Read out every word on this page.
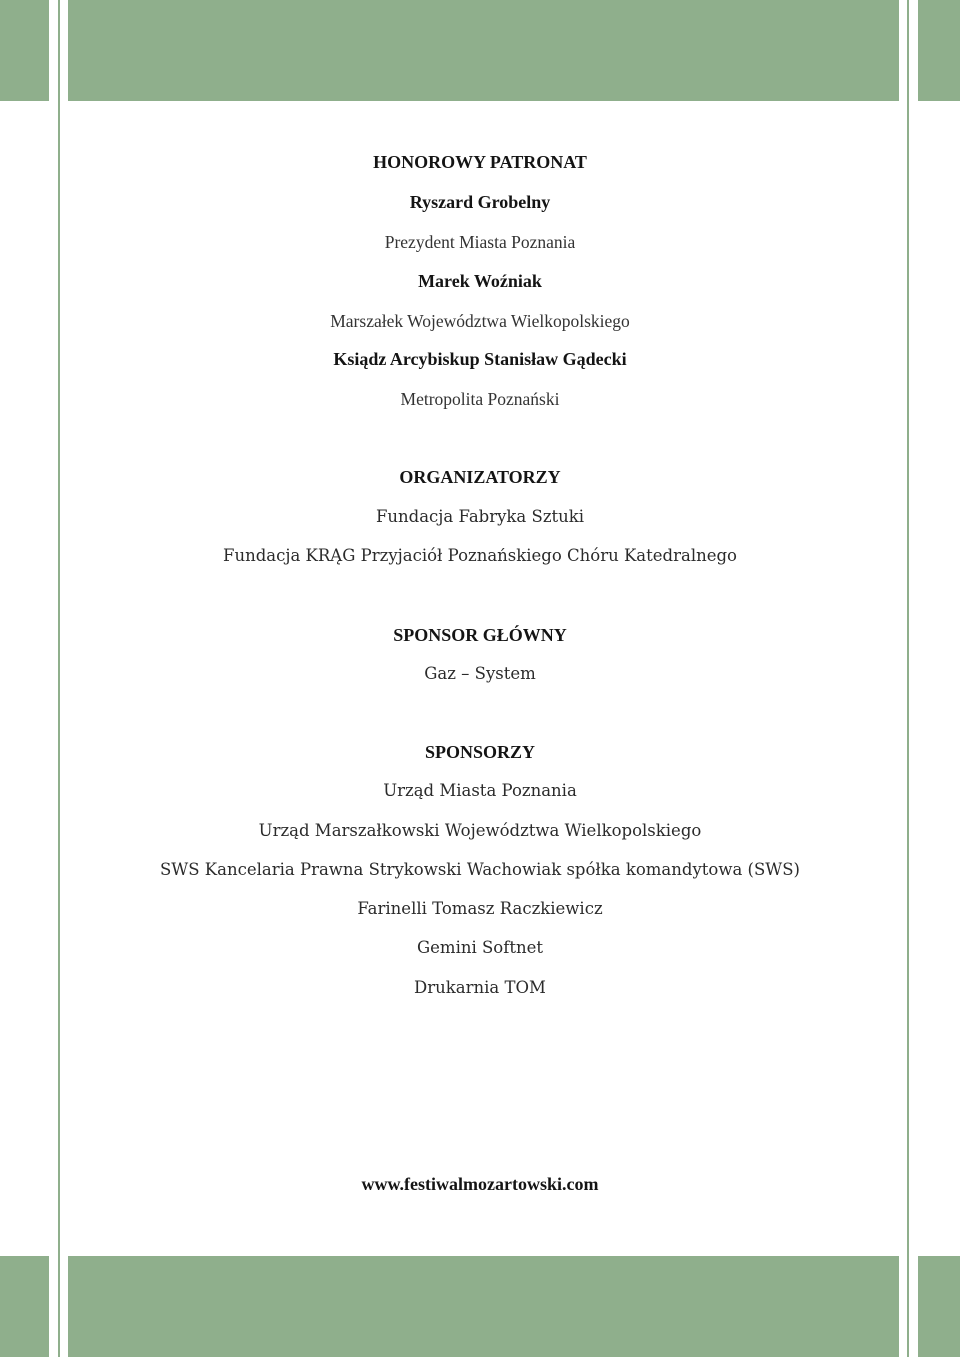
HONOROWY PATRONAT
Ryszard Grobelny
Prezydent Miasta Poznania
Marek Woźniak
Marszałek Województwa Wielkopolskiego
Ksiądz Arcybiskup Stanisław Gądecki
Metropolita Poznański
ORGANIZATORZY
Fundacja Fabryka Sztuki
Fundacja KRĄG Przyjaciół Poznańskiego Chóru Katedralnego
SPONSOR GŁÓWNY
Gaz – System
SPONSORZY
Urząd Miasta Poznania
Urząd Marszałkowski Województwa Wielkopolskiego
SWS Kancelaria Prawna Strykowski Wachowiak spółka komandytowa (SWS)
Farinelli Tomasz Raczkiewicz
Gemini Softnet
Drukarnia TOM
www.festiwalmozartowski.com
